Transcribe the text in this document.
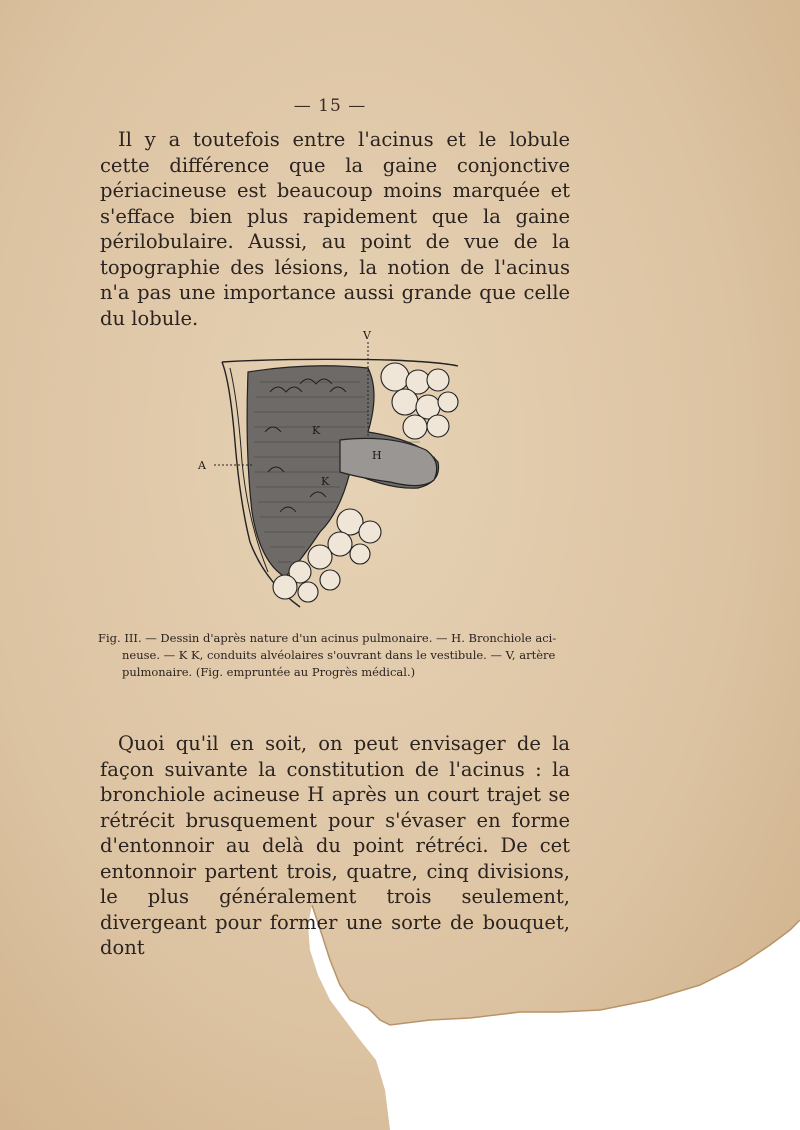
— 15 —

Il y a toutefois entre l'acinus et le lobule cette différence que la gaine conjonctive périacineuse est beaucoup moins marquée et s'efface bien plus rapidement que la gaine périlobulaire. Aussi, au point de vue de la topographie des lésions, la notion de l'acinus n'a pas une importance aussi grande que celle du lobule.

V
A
H
K
K
Fig. III. — Dessin d'après nature d'un acinus pulmonaire. — H. Bronchiole aci-
neuse. — K K, conduits alvéolaires s'ouvrant dans le vestibule. — V, artère
pulmonaire. (Fig. empruntée au Progrès médical.)

Quoi qu'il en soit, on peut envisager de la façon suivante la constitution de l'acinus : la bronchiole acineuse H après un court trajet se rétrécit brusquement pour s'évaser en forme d'entonnoir au delà du point rétréci. De cet entonnoir partent trois, quatre, cinq divisions, le plus généralement trois seulement, divergeant pour former une sorte de bouquet, dont
